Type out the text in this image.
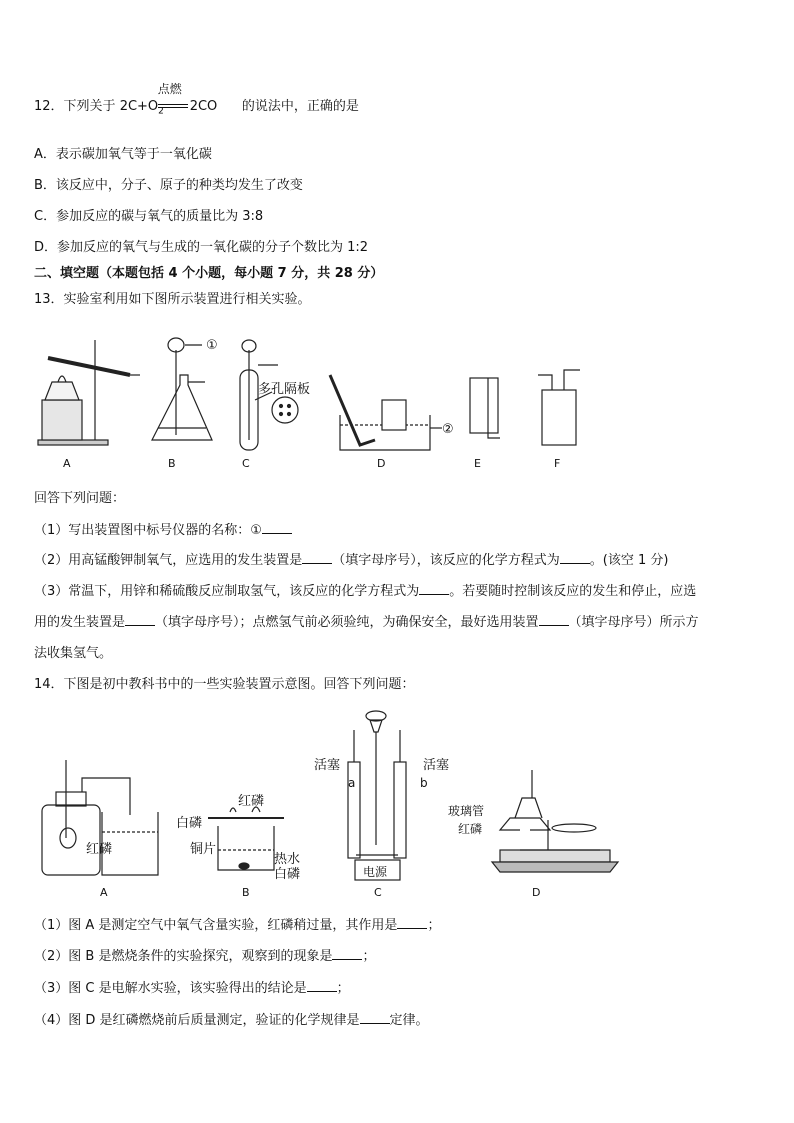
12．下列关于 $2C+O_2$
点燃
2CO 的说法中，正确的是
A．表示碳加氧气等于一氧化碳
B．该反应中，分子、原子的种类均发生了改变
C．参加反应的碳与氧气的质量比为 3:8
D．参加反应的氧气与生成的一氧化碳的分子个数比为 1:2
二、填空题（本题包括 4 个小题，每小题 7 分，共 28 分）
13．实验室利用如下图所示装置进行相关实验。
①
②
多孔隔板
A	B	C	D	E	F
回答下列问题：
（1）写出装置图中标号仪器的名称：①
（2）用高锰酸钾制氧气，应选用的发生装置是 （填字母序号），该反应的化学方程式为 。(该空 1 分)
（3）常温下，用锌和稀硫酸反应制取氢气，该反应的化学方程式为 。若要随时控制该反应的发生和停止，应选
用的发生装置是 （填字母序号）；点燃氢气前必须验纯，为确保安全，最好选用装置 （填字母序号）所示方
法收集氢气。
14．下图是初中教科书中的一些实验装置示意图。回答下列问题：
红磷
白磷
红磷
铜片
热水
白磷
活塞	活塞
a	b
电源
玻璃管
红磷
A	B	C	D
（1）图 A 是测定空气中氧气含量实验，红磷稍过量，其作用是 ；
（2）图 B 是燃烧条件的实验探究，观察到的现象是 ；
（3）图 C 是电解水实验，该实验得出的结论是 ；
（4）图 D 是红磷燃烧前后质量测定，验证的化学规律是 定律。
